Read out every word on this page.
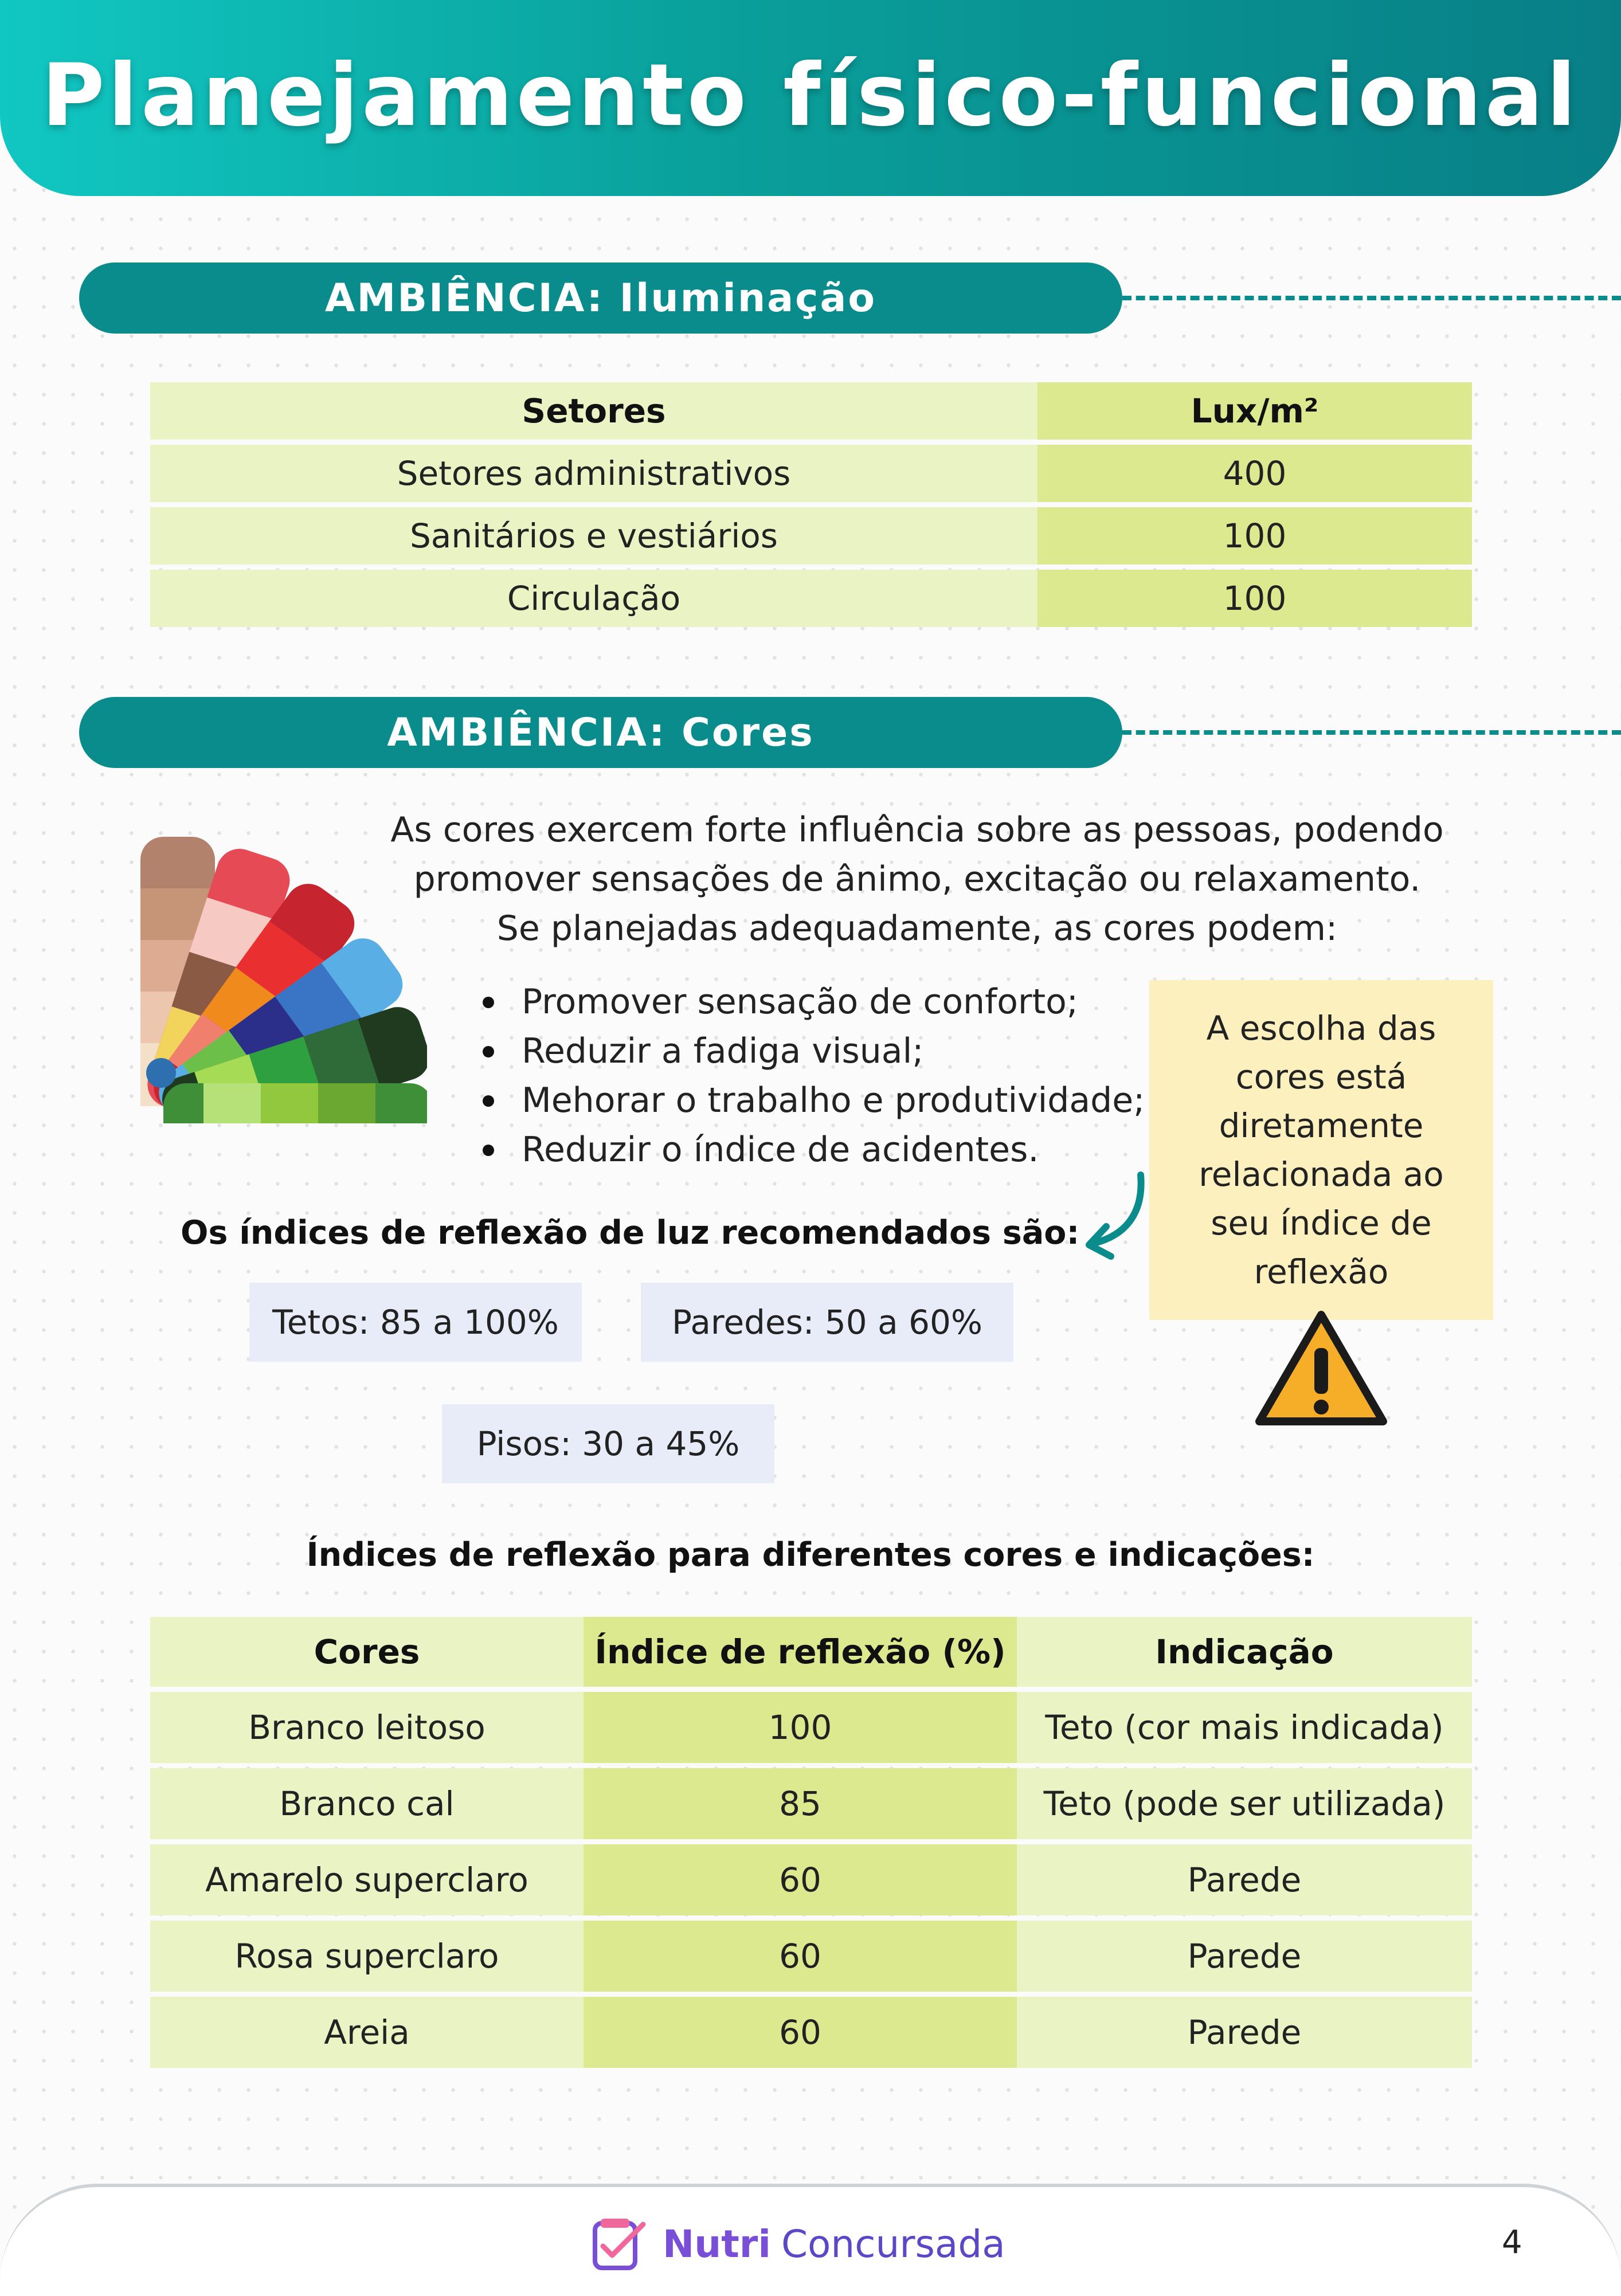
Planejamento físico-funcional
AMBIÊNCIA: Iluminação
Setores	Lux/m²
Setores administrativos	400
Sanitários e vestiários	100
Circulação	100
AMBIÊNCIA: Cores
As cores exercem forte influência sobre as pessoas, podendo promover sensações de ânimo, excitação ou relaxamento. Se planejadas adequadamente, as cores podem:
Promover sensação de conforto;
Reduzir a fadiga visual;
Mehorar o trabalho e produtividade;
Reduzir o índice de acidentes.
A escolha das cores está diretamente relacionada ao seu índice de reflexão
Os índices de reflexão de luz recomendados são:
Tetos: 85 a 100%	Paredes: 50 a 60%
Pisos: 30 a 45%
Índices de reflexão para diferentes cores e indicações:
Cores	Índice de reflexão (%)	Indicação
Branco leitoso	100	Teto (cor mais indicada)
Branco cal	85	Teto (pode ser utilizada)
Amarelo superclaro	60	Parede
Rosa superclaro	60	Parede
Areia	60	Parede
Nutri Concursada	4
